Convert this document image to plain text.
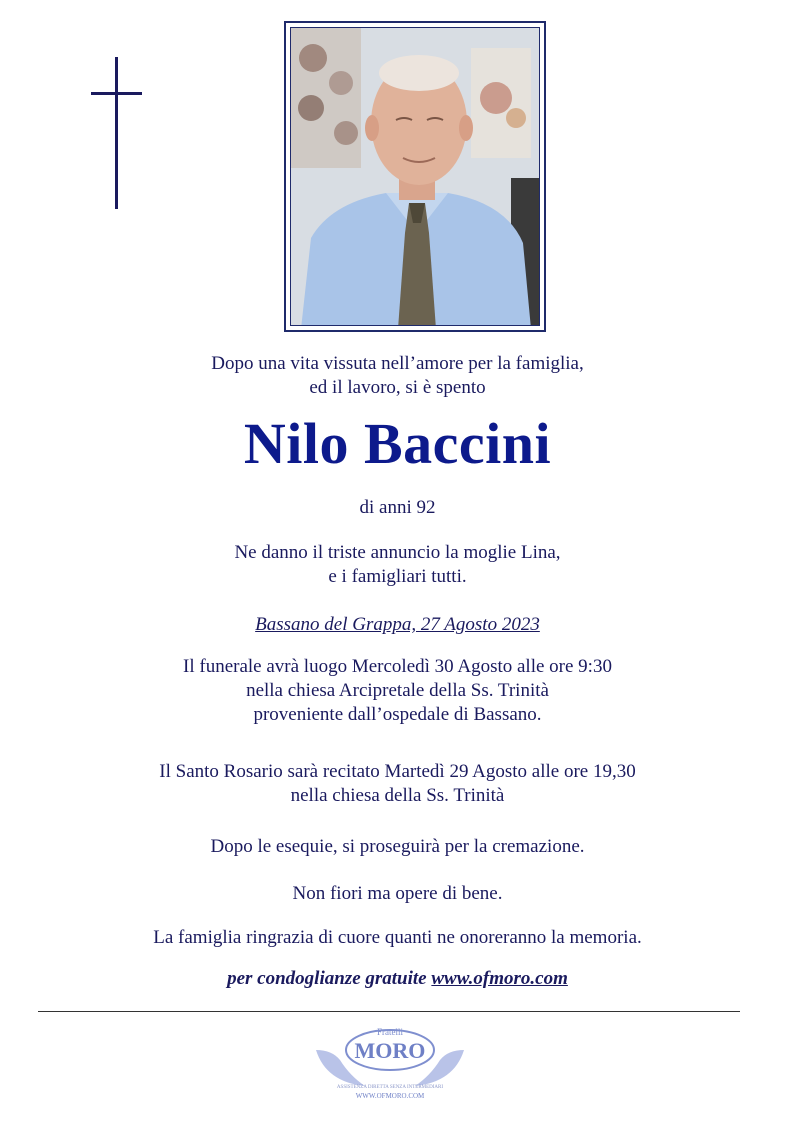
Dopo una vita vissuta nell’amore per la famiglia,
ed il lavoro, si è spento
Nilo Baccini
di anni 92
Ne danno il triste annuncio la moglie Lina,
e i famigliari tutti.
Bassano del Grappa, 27 Agosto 2023
Il funerale avrà luogo Mercoledì 30 Agosto alle ore 9:30
nella chiesa Arcipretale della Ss. Trinità
proveniente dall’ospedale di Bassano.
Il Santo Rosario sarà recitato Martedì 29 Agosto alle ore 19,30
nella chiesa della Ss. Trinità
Dopo le esequie, si proseguirà per la cremazione.
Non fiori ma opere di bene.
La famiglia ringrazia di cuore quanti ne onoreranno la memoria.
per condoglianze gratuite www.ofmoro.com
Fratelli
MORO
ASSISTENZA DIRETTA SENZA INTERMEDIARI
WWW.OFMORO.COM
